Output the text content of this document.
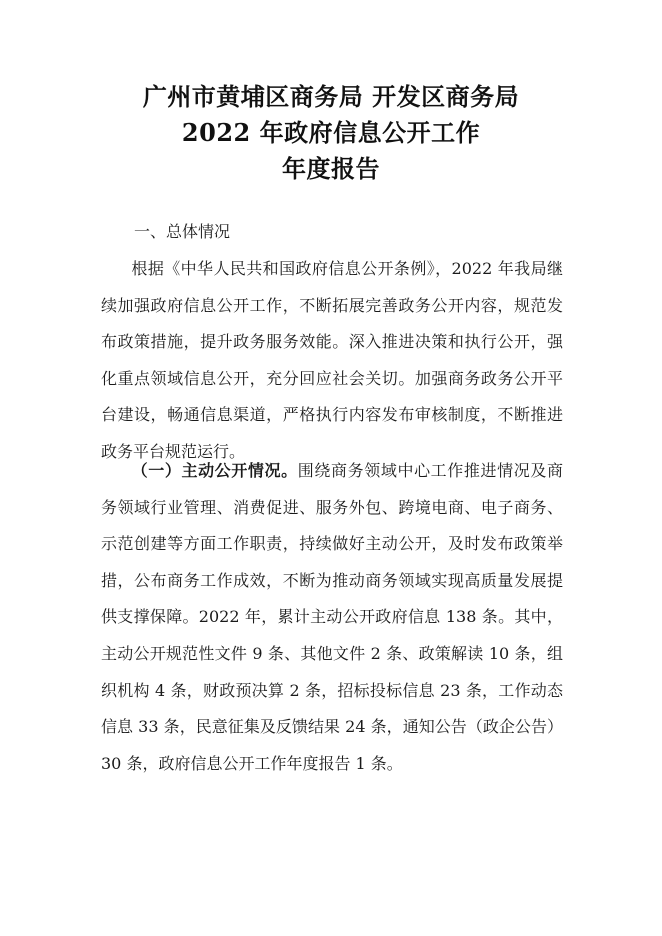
广州市黄埔区商务局 开发区商务局
2022 年政府信息公开工作
年度报告
一、总体情况
根据《中华人民共和国政府信息公开条例》，2022 年我局继续加强政府信息公开工作，不断拓展完善政务公开内容，规范发布政策措施，提升政务服务效能。深入推进决策和执行公开，强化重点领域信息公开，充分回应社会关切。加强商务政务公开平台建设，畅通信息渠道，严格执行内容发布审核制度，不断推进政务平台规范运行。
（一）主动公开情况。围绕商务领域中心工作推进情况及商务领域行业管理、消费促进、服务外包、跨境电商、电子商务、示范创建等方面工作职责，持续做好主动公开，及时发布政策举措，公布商务工作成效，不断为推动商务领域实现高质量发展提供支撑保障。2022 年，累计主动公开政府信息 138 条。其中，主动公开规范性文件 9 条、其他文件 2 条、政策解读 10 条，组织机构 4 条，财政预决算 2 条，招标投标信息 23 条，工作动态信息 33 条，民意征集及反馈结果 24 条，通知公告（政企公告）30 条，政府信息公开工作年度报告 1 条。
